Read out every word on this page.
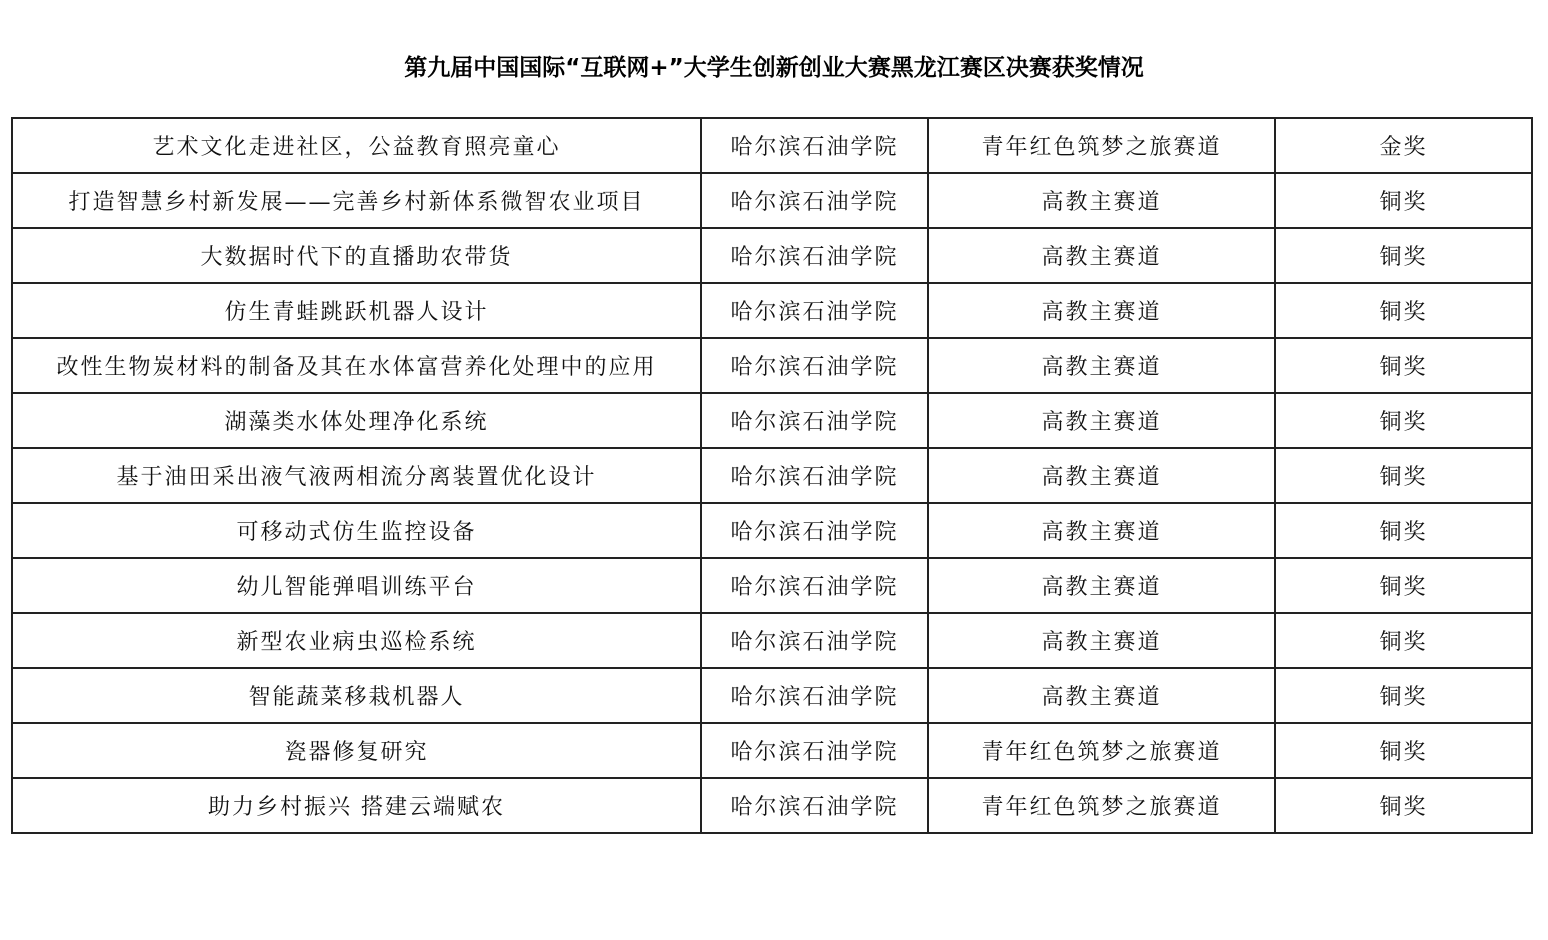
第九届中国国际“互联网+”大学生创新创业大赛黑龙江赛区决赛获奖情况
艺术文化走进社区，公益教育照亮童心	哈尔滨石油学院	青年红色筑梦之旅赛道	金奖
打造智慧乡村新发展——完善乡村新体系微智农业项目	哈尔滨石油学院	高教主赛道	铜奖
大数据时代下的直播助农带货	哈尔滨石油学院	高教主赛道	铜奖
仿生青蛙跳跃机器人设计	哈尔滨石油学院	高教主赛道	铜奖
改性生物炭材料的制备及其在水体富营养化处理中的应用	哈尔滨石油学院	高教主赛道	铜奖
湖藻类水体处理净化系统	哈尔滨石油学院	高教主赛道	铜奖
基于油田采出液气液两相流分离装置优化设计	哈尔滨石油学院	高教主赛道	铜奖
可移动式仿生监控设备	哈尔滨石油学院	高教主赛道	铜奖
幼儿智能弹唱训练平台	哈尔滨石油学院	高教主赛道	铜奖
新型农业病虫巡检系统	哈尔滨石油学院	高教主赛道	铜奖
智能蔬菜移栽机器人	哈尔滨石油学院	高教主赛道	铜奖
瓷器修复研究	哈尔滨石油学院	青年红色筑梦之旅赛道	铜奖
助力乡村振兴 搭建云端赋农	哈尔滨石油学院	青年红色筑梦之旅赛道	铜奖
